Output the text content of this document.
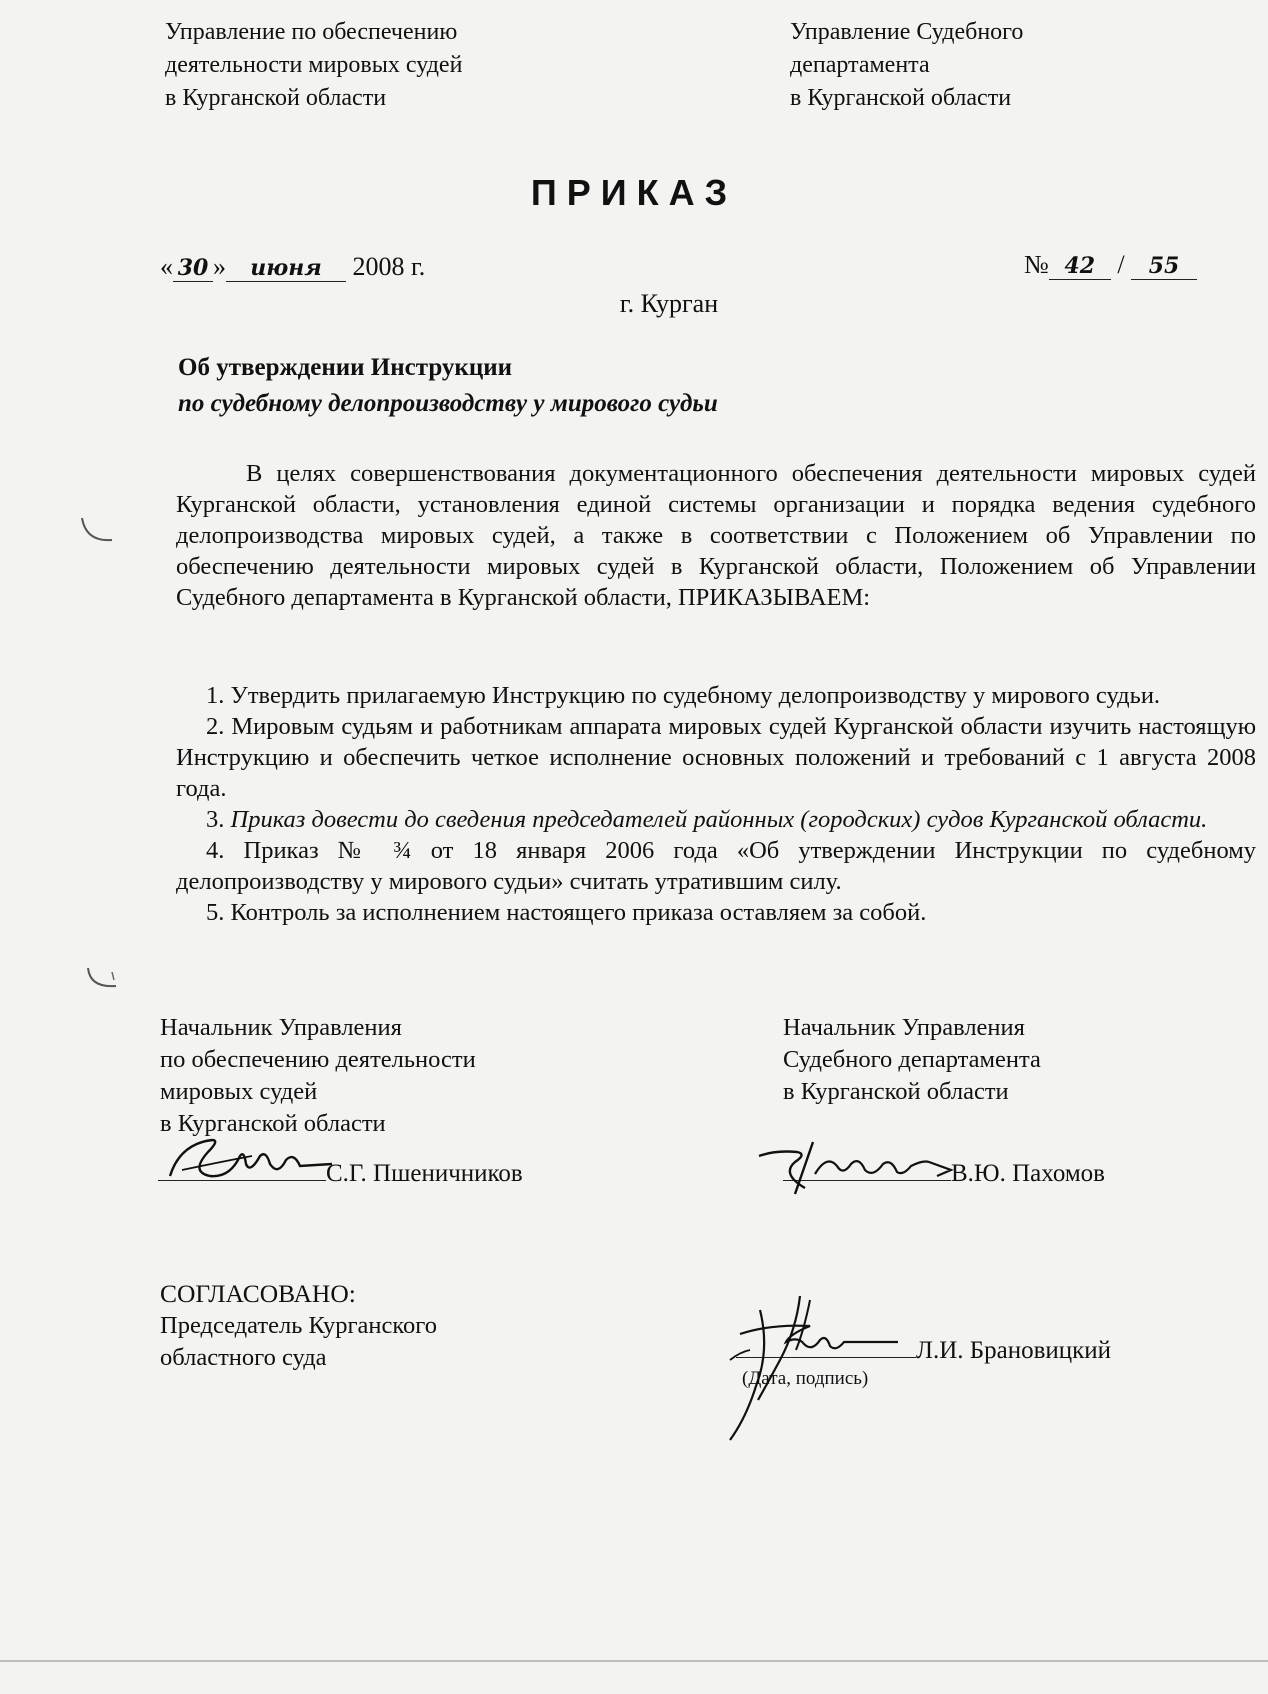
Управление по обеспечению
деятельности мировых судей
в Курганской области
Управление Судебного
департамента
в Курганской области
ПРИКАЗ
« 30 » июня 2008 г.	№ 42 / 55
г. Курган
Об утверждении Инструкции
по судебному делопроизводству у мирового судьи
В целях совершенствования документационного обеспечения деятельности мировых судей Курганской области, установления единой системы организации и порядка ведения судебного делопроизводства мировых судей, а также в соответствии с Положением об Управлении по обеспечению деятельности мировых судей в Курганской области, Положением об Управлении Судебного департамента в Курганской области, ПРИКАЗЫВАЕМ:

1. Утвердить прилагаемую Инструкцию по судебному делопроизводству у мирового судьи.

2. Мировым судьям и работникам аппарата мировых судей Курганской области изучить настоящую Инструкцию и обеспечить четкое исполнение основных положений и требований с 1 августа 2008 года.

3. Приказ довести до сведения председателей районных (городских) судов Курганской области.

4. Приказ № ¾ от 18 января 2006 года «Об утверждении Инструкции по судебному делопроизводству у мирового судьи» считать утратившим силу.

5. Контроль за исполнением настоящего приказа оставляем за собой.

Начальник Управления
по обеспечению деятельности
мировых судей
в Курганской области
С.Г. Пшеничников
Начальник Управления
Судебного департамента
в Курганской области
В.Ю. Пахомов
СОГЛАСОВАНО:
Председатель Курганского
областного суда	Л.И. Брановицкий
(Дата, подпись)
